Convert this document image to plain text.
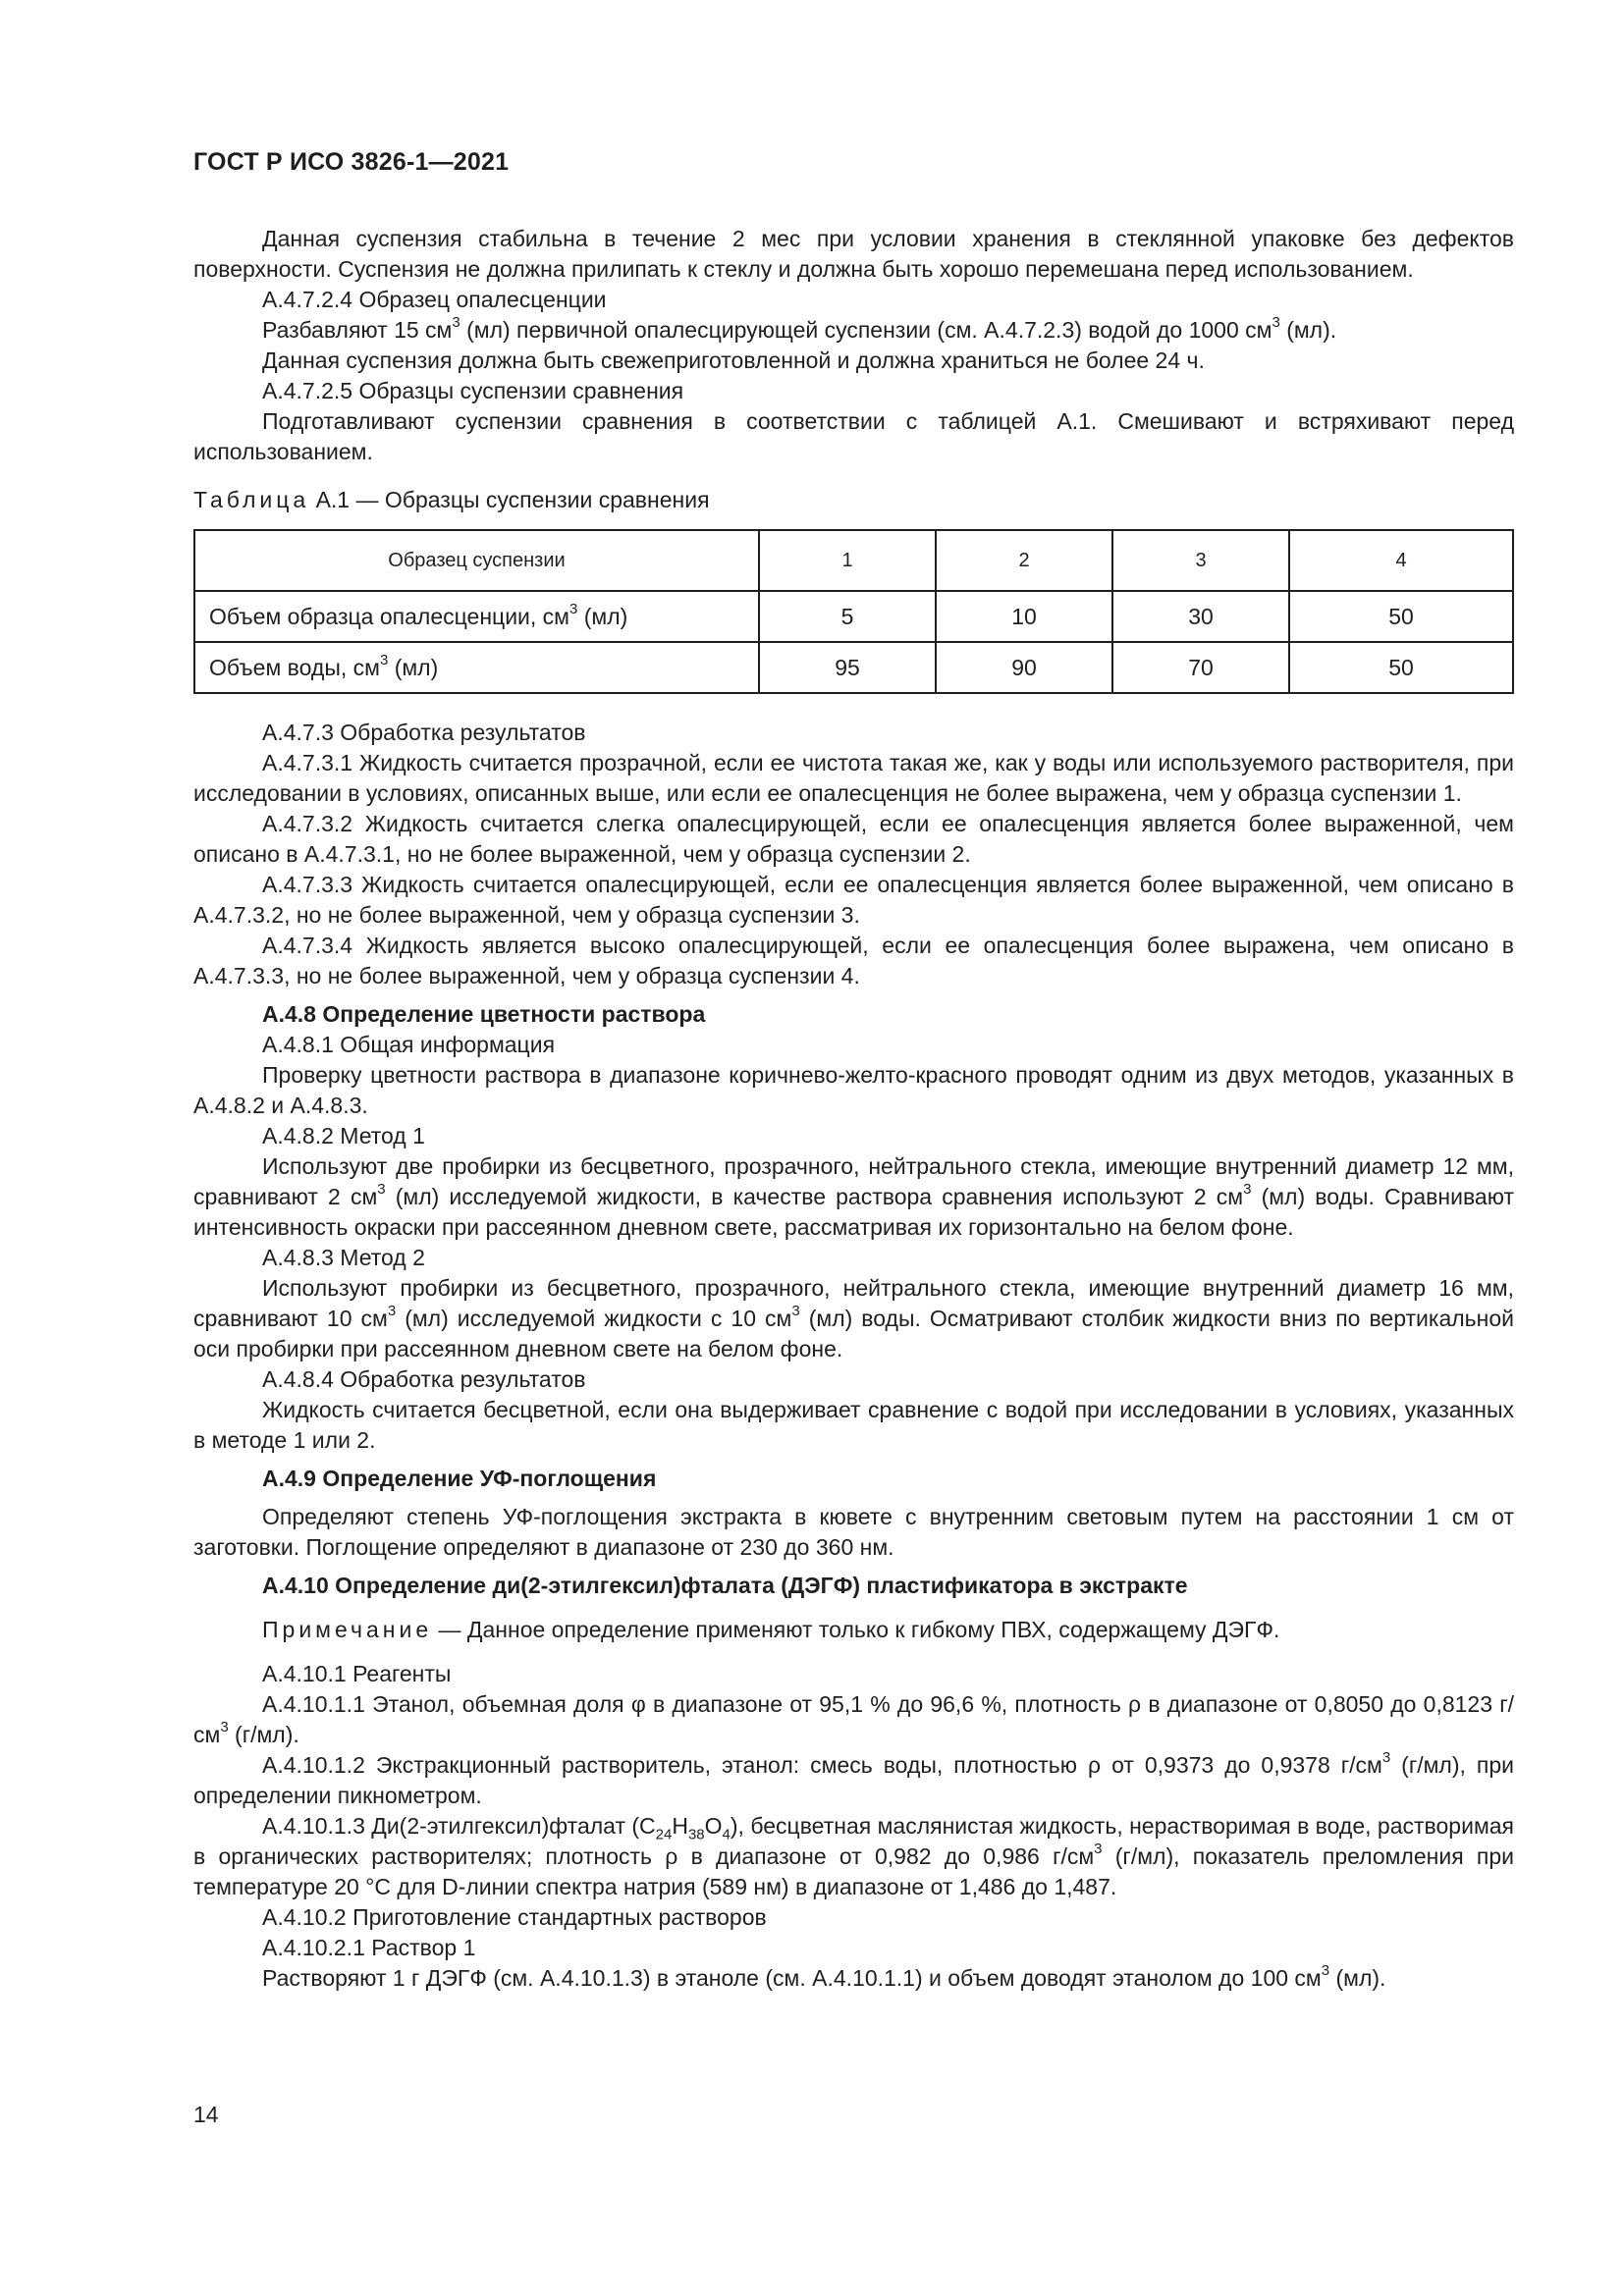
ГОСТ Р ИСО 3826-1—2021

Данная суспензия стабильна в течение 2 мес при условии хранения в стеклянной упаковке без дефектов поверхности. Суспензия не должна прилипать к стеклу и должна быть хорошо перемешана перед использованием.

А.4.7.2.4 Образец опалесценции

Разбавляют 15 $см^3$ (мл) первичной опалесцирующей суспензии (см. А.4.7.2.3) водой до 1000 $см^3$ (мл).

Данная суспензия должна быть свежеприготовленной и должна храниться не более 24 ч.

А.4.7.2.5 Образцы суспензии сравнения

Подготавливают суспензии сравнения в соответствии с таблицей А.1. Смешивают и встряхивают перед использованием.

Таблица А.1 — Образцы суспензии сравнения
Образец суспензии	1	2	3	4
Объем образца опалесценции, $см^3$ (мл)	5	10	30	50
Объем воды, $см^3$ (мл)	95	90	70	50

А.4.7.3 Обработка результатов

А.4.7.3.1 Жидкость считается прозрачной, если ее чистота такая же, как у воды или используемого растворителя, при исследовании в условиях, описанных выше, или если ее опалесценция не более выражена, чем у образца суспензии 1.

А.4.7.3.2 Жидкость считается слегка опалесцирующей, если ее опалесценция является более выраженной, чем описано в А.4.7.3.1, но не более выраженной, чем у образца суспензии 2.

А.4.7.3.3 Жидкость считается опалесцирующей, если ее опалесценция является более выраженной, чем описано в А.4.7.3.2, но не более выраженной, чем у образца суспензии 3.

А.4.7.3.4 Жидкость является высоко опалесцирующей, если ее опалесценция более выражена, чем описано в А.4.7.3.3, но не более выраженной, чем у образца суспензии 4.

А.4.8 Определение цветности раствора

А.4.8.1 Общая информация

Проверку цветности раствора в диапазоне коричнево-желто-красного проводят одним из двух методов, указанных в А.4.8.2 и А.4.8.3.

А.4.8.2 Метод 1

Используют две пробирки из бесцветного, прозрачного, нейтрального стекла, имеющие внутренний диаметр 12 мм, сравнивают 2 $см^3$ (мл) исследуемой жидкости, в качестве раствора сравнения используют 2 $см^3$ (мл) воды. Сравнивают интенсивность окраски при рассеянном дневном свете, рассматривая их горизонтально на белом фоне.

А.4.8.3 Метод 2

Используют пробирки из бесцветного, прозрачного, нейтрального стекла, имеющие внутренний диаметр 16 мм, сравнивают 10 $см^3$ (мл) исследуемой жидкости с 10 $см^3$ (мл) воды. Осматривают столбик жидкости вниз по вертикальной оси пробирки при рассеянном дневном свете на белом фоне.

А.4.8.4 Обработка результатов

Жидкость считается бесцветной, если она выдерживает сравнение с водой при исследовании в условиях, указанных в методе 1 или 2.

А.4.9 Определение УФ-поглощения

Определяют степень УФ-поглощения экстракта в кювете с внутренним световым путем на расстоянии 1 см от заготовки. Поглощение определяют в диапазоне от 230 до 360 нм.

А.4.10 Определение ди(2-этилгексил)фталата (ДЭГФ) пластификатора в экстракте

Примечание — Данное определение применяют только к гибкому ПВХ, содержащему ДЭГФ.

А.4.10.1 Реагенты

А.4.10.1.1 Этанол, объемная доля φ в диапазоне от 95,1 % до 96,6 %, плотность ρ в диапазоне от 0,8050 до 0,8123 $г/см^3$ (г/мл).

А.4.10.1.2 Экстракционный растворитель, этанол: смесь воды, плотностью ρ от 0,9373 до 0,9378 $г/см^3$ (г/мл), при определении пикнометром.

А.4.10.1.3 Ди(2-этилгексил)фталат $(C_{24}H_{38}O_4)$, бесцветная маслянистая жидкость, нерастворимая в воде, растворимая в органических растворителях; плотность ρ в диапазоне от 0,982 до 0,986 $г/см^3$ (г/мл), показатель преломления при температуре 20 °С для D-линии спектра натрия (589 нм) в диапазоне от 1,486 до 1,487.

А.4.10.2 Приготовление стандартных растворов

А.4.10.2.1 Раствор 1

Растворяют 1 г ДЭГФ (см. А.4.10.1.3) в этаноле (см. А.4.10.1.1) и объем доводят этанолом до 100 $см^3$ (мл).

14
